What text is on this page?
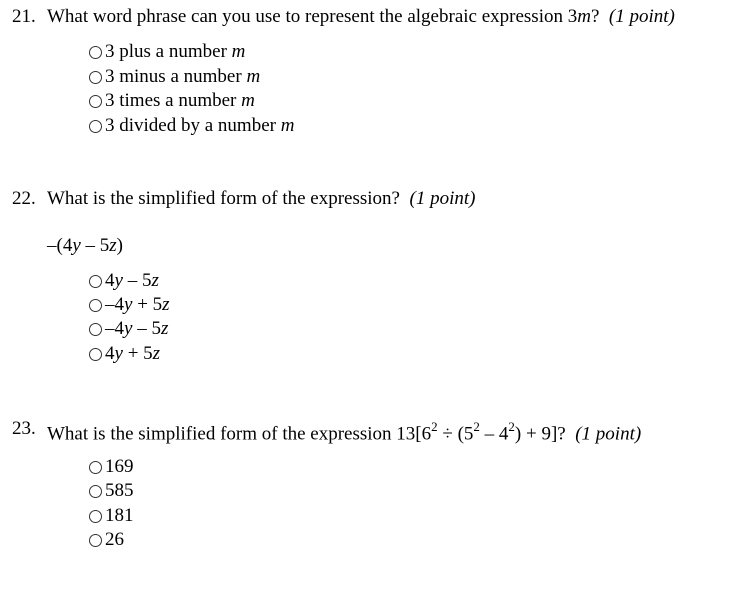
21. What word phrase can you use to represent the algebraic expression 3m?  (1 point)
3 plus a number m
3 minus a number m
3 times a number m
3 divided by a number m
22. What is the simplified form of the expression? (1 point)
–(4y – 5z)
4y – 5z
–4y + 5z
–4y – 5z
4y + 5z
23. What is the simplified form of the expression $13[6^2 \div (5^2 - 4^2) + 9]$?  (1 point)
169
585
181
26
